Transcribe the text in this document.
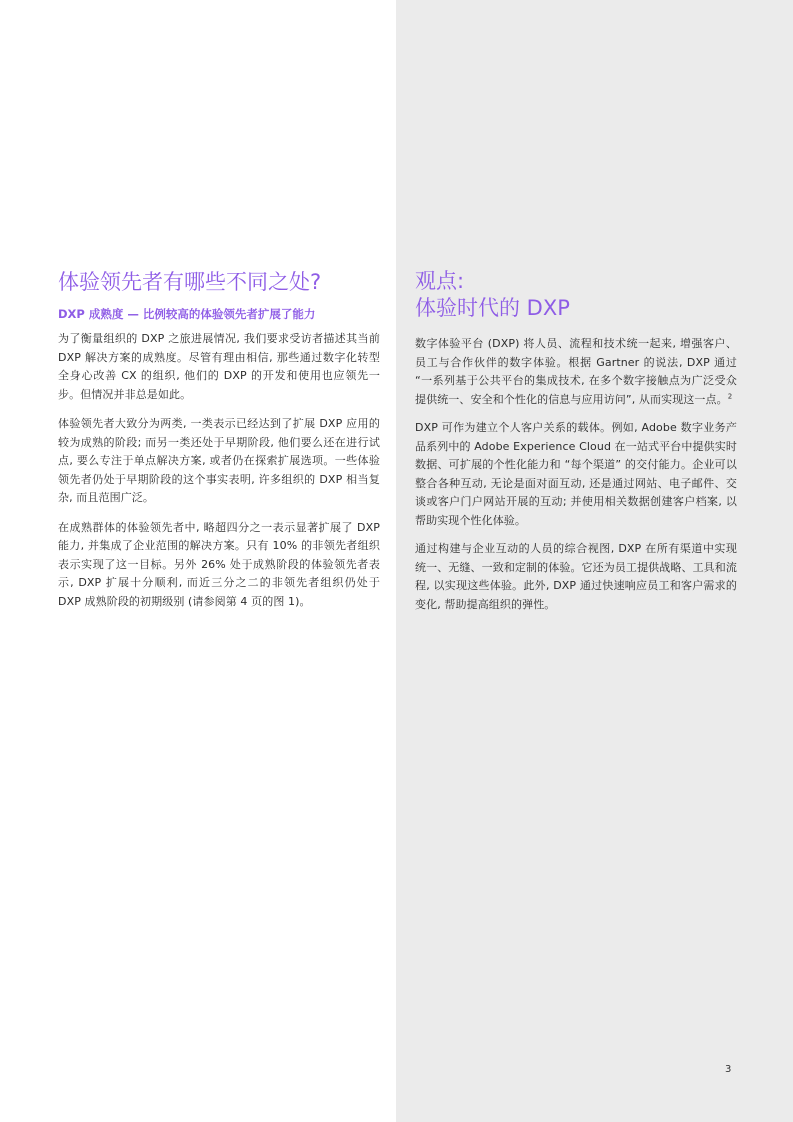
体验领先者有哪些不同之处?
DXP 成熟度 — 比例较高的体验领先者扩展了能力

为了衡量组织的 DXP 之旅进展情况, 我们要求受访者描述其当前 DXP 解决方案的成熟度。尽管有理由相信, 那些通过数字化转型全身心改善 CX 的组织, 他们的 DXP 的开发和使用也应领先一步。但情况并非总是如此。

体验领先者大致分为两类, 一类表示已经达到了扩展 DXP 应用的较为成熟的阶段; 而另一类还处于早期阶段, 他们要么还在进行试点, 要么专注于单点解决方案, 或者仍在探索扩展选项。一些体验领先者仍处于早期阶段的这个事实表明, 许多组织的 DXP 相当复杂, 而且范围广泛。

在成熟群体的体验领先者中, 略超四分之一表示显著扩展了 DXP 能力, 并集成了企业范围的解决方案。只有 10% 的非领先者组织表示实现了这一目标。另外 26% 处于成熟阶段的体验领先者表示, DXP 扩展十分顺利, 而近三分之二的非领先者组织仍处于 DXP 成熟阶段的初期级别 (请参阅第 4 页的图 1)。

观点:
体验时代的 DXP

数字体验平台 (DXP) 将人员、流程和技术统一起来, 增强客户、员工与合作伙伴的数字体验。根据 Gartner 的说法, DXP 通过 “一系列基于公共平台的集成技术, 在多个数字接触点为广泛受众提供统一、安全和个性化的信息与应用访问”, 从而实现这一点。$^2$

DXP 可作为建立个人客户关系的载体。例如, Adobe 数字业务产品系列中的 Adobe Experience Cloud 在一站式平台中提供实时数据、可扩展的个性化能力和 “每个渠道” 的交付能力。企业可以整合各种互动, 无论是面对面互动, 还是通过网站、电子邮件、交谈或客户门户网站开展的互动; 并使用相关数据创建客户档案, 以帮助实现个性化体验。

通过构建与企业互动的人员的综合视图, DXP 在所有渠道中实现统一、无缝、一致和定制的体验。它还为员工提供战略、工具和流程, 以实现这些体验。此外, DXP 通过快速响应员工和客户需求的变化, 帮助提高组织的弹性。

3
